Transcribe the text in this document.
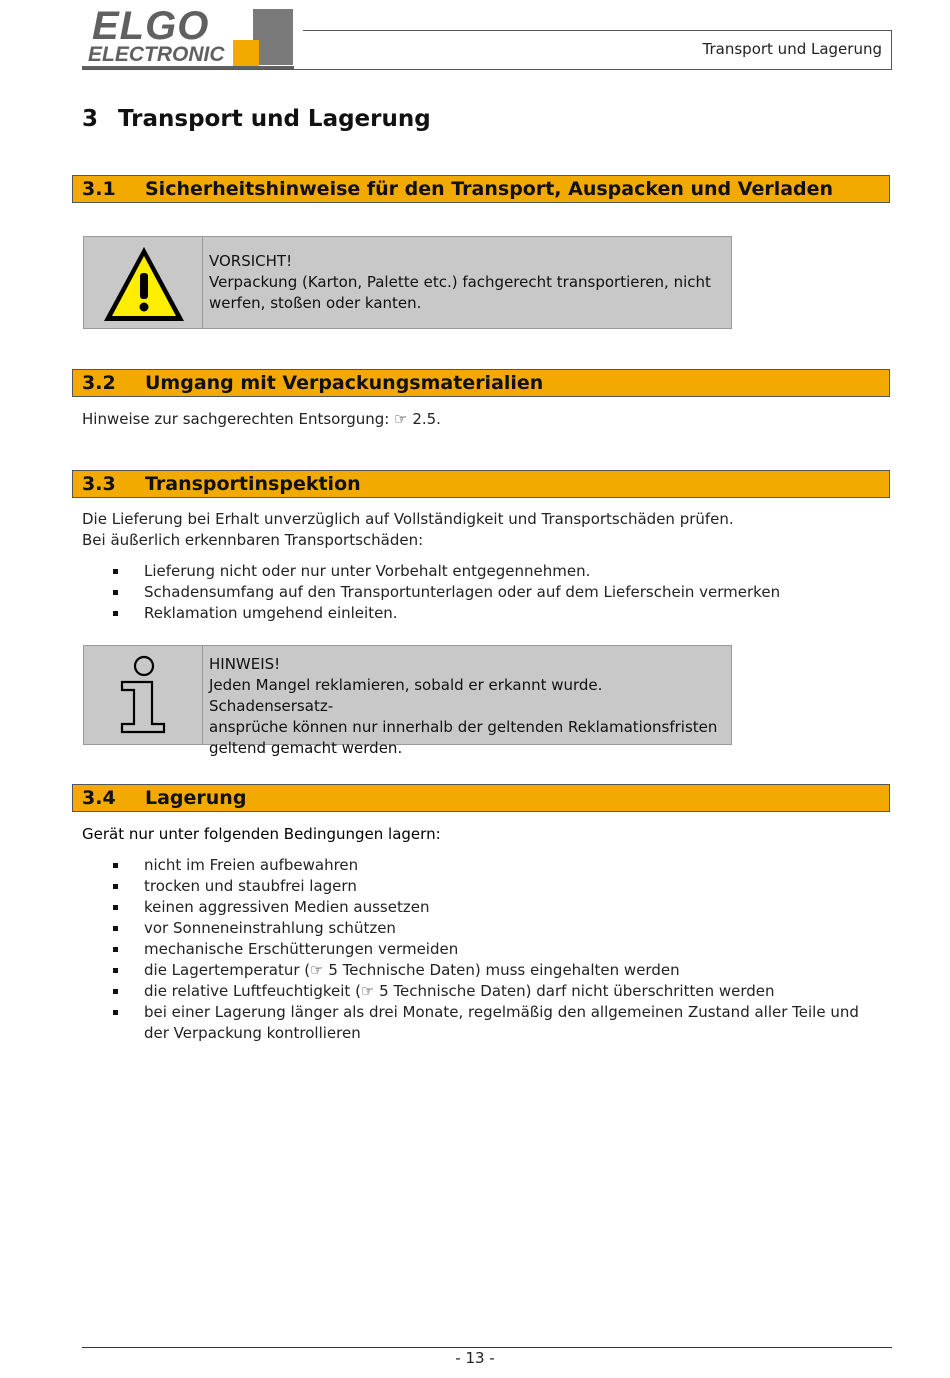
ELGO
ELECTRONIC	Transport und Lagerung
3 Transport und Lagerung
3.1 Sicherheitshinweise für den Transport, Auspacken und Verladen
VORSICHT!
Verpackung (Karton, Palette etc.) fachgerecht transportieren, nicht
werfen, stoßen oder kanten.
3.2 Umgang mit Verpackungsmaterialien
Hinweise zur sachgerechten Entsorgung: ☞ 2.5.
3.3 Transportinspektion
Die Lieferung bei Erhalt unverzüglich auf Vollständigkeit und Transportschäden prüfen.
Bei äußerlich erkennbaren Transportschäden:
Lieferung nicht oder nur unter Vorbehalt entgegennehmen.
Schadensumfang auf den Transportunterlagen oder auf dem Lieferschein vermerken
Reklamation umgehend einleiten.
HINWEIS!
Jeden Mangel reklamieren, sobald er erkannt wurde. Schadensersatz-
ansprüche können nur innerhalb der geltenden Reklamationsfristen
geltend gemacht werden.
3.4 Lagerung
Gerät nur unter folgenden Bedingungen lagern:
nicht im Freien aufbewahren
trocken und staubfrei lagern
keinen aggressiven Medien aussetzen
vor Sonneneinstrahlung schützen
mechanische Erschütterungen vermeiden
die Lagertemperatur (☞ 5 Technische Daten) muss eingehalten werden
die relative Luftfeuchtigkeit (☞ 5 Technische Daten) darf nicht überschritten werden
bei einer Lagerung länger als drei Monate, regelmäßig den allgemeinen Zustand aller Teile und der Verpackung kontrollieren
- 13 -
